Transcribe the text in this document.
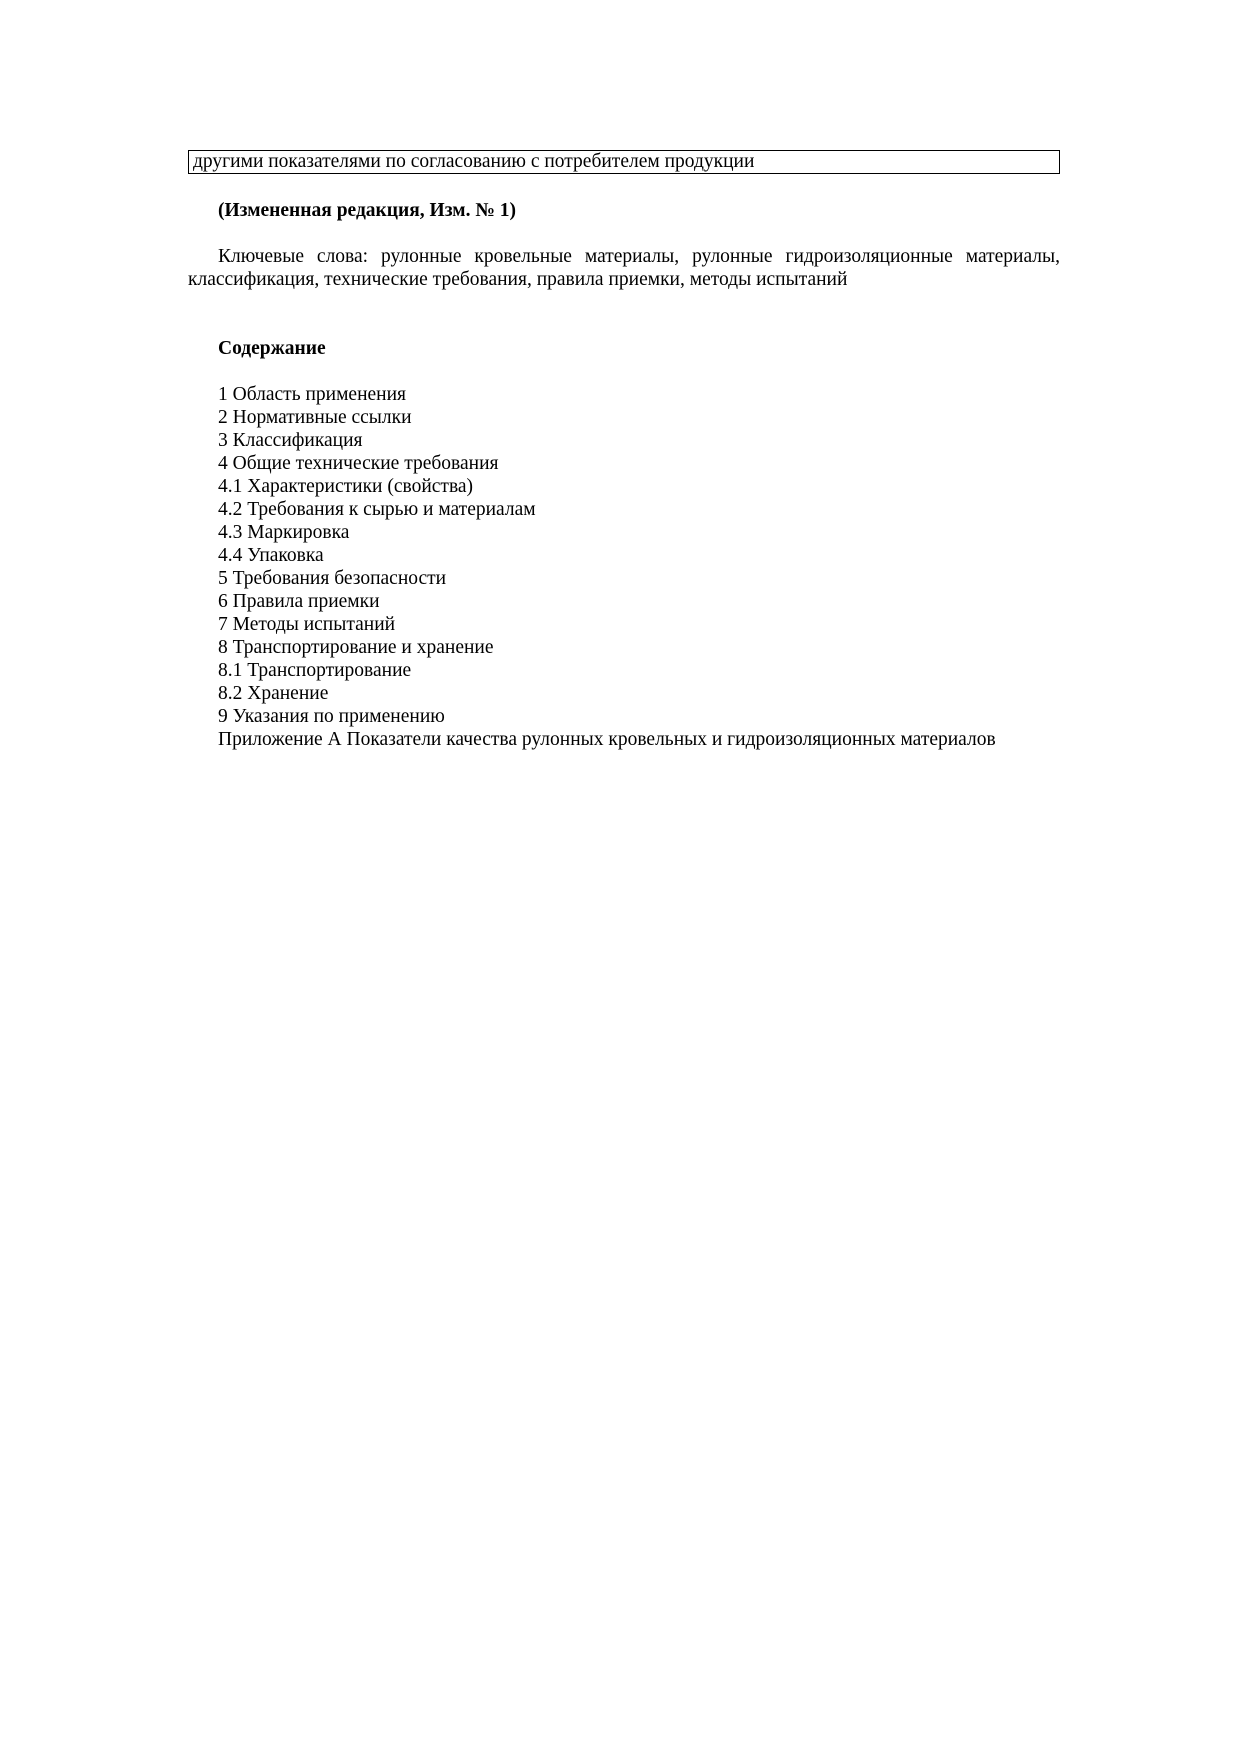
другими показателями по согласованию с потребителем продукции
(Измененная редакция, Изм. № 1)

Ключевые слова: рулонные кровельные материалы, рулонные гидроизоляционные материалы, классификация, технические требования, правила приемки, методы испытаний

Содержание
1 Область применения
2 Нормативные ссылки
3 Классификация
4 Общие технические требования
4.1 Характеристики (свойства)
4.2 Требования к сырью и материалам
4.3 Маркировка
4.4 Упаковка
5 Требования безопасности
6 Правила приемки
7 Методы испытаний
8 Транспортирование и хранение
8.1 Транспортирование
8.2 Хранение
9 Указания по применению
Приложение А Показатели качества рулонных кровельных и гидроизоляционных материалов
